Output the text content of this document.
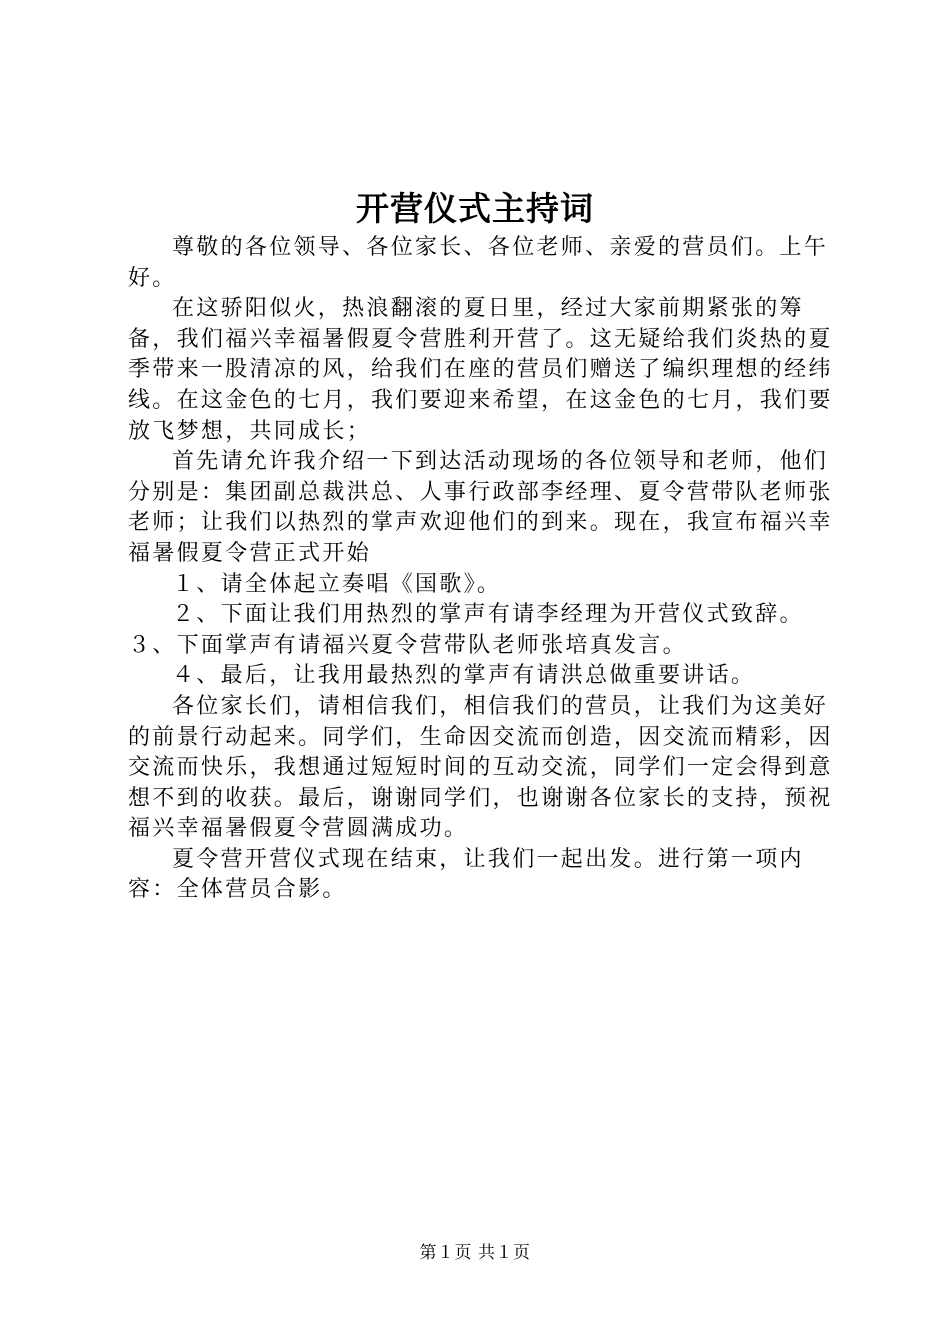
开营仪式主持词

尊敬的各位领导、各位家长、各位老师、亲爱的营员们。上午好。

在这骄阳似火，热浪翻滚的夏日里，经过大家前期紧张的筹备，我们福兴幸福暑假夏令营胜利开营了。这无疑给我们炎热的夏季带来一股清凉的风，给我们在座的营员们赠送了编织理想的经纬线。在这金色的七月，我们要迎来希望，在这金色的七月，我们要放飞梦想，共同成长；

首先请允许我介绍一下到达活动现场的各位领导和老师，他们分别是：集团副总裁洪总、人事行政部李经理、夏令营带队老师张老师；让我们以热烈的掌声欢迎他们的到来。现在，我宣布福兴幸福暑假夏令营正式开始

１、请全体起立奏唱《国歌》。

２、下面让我们用热烈的掌声有请李经理为开营仪式致辞。

３、下面掌声有请福兴夏令营带队老师张培真发言。

４、最后，让我用最热烈的掌声有请洪总做重要讲话。

各位家长们，请相信我们，相信我们的营员，让我们为这美好的前景行动起来。同学们，生命因交流而创造，因交流而精彩，因交流而快乐，我想通过短短时间的互动交流，同学们一定会得到意想不到的收获。最后，谢谢同学们，也谢谢各位家长的支持，预祝福兴幸福暑假夏令营圆满成功。

夏令营开营仪式现在结束，让我们一起出发。进行第一项内容：全体营员合影。

第１页 共１页
